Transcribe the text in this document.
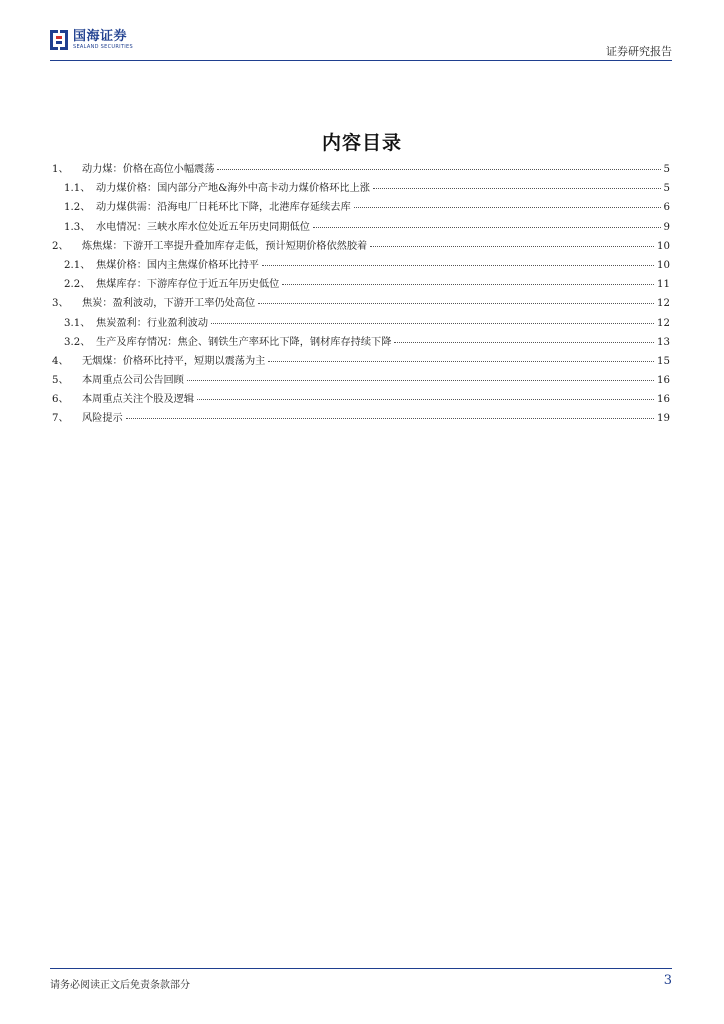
国海证券
SEALAND SECURITIES	证券研究报告
内容目录
1、	动力煤：价格在高位小幅震荡	5
1.1、 动力煤价格：国内部分产地&海外中高卡动力煤价格环比上涨	5
1.2、 动力煤供需：沿海电厂日耗环比下降，北港库存延续去库	6
1.3、 水电情况：三峡水库水位处近五年历史同期低位	9
2、	炼焦煤：下游开工率提升叠加库存走低，预计短期价格依然胶着	10
2.1、 焦煤价格：国内主焦煤价格环比持平	10
2.2、 焦煤库存：下游库存位于近五年历史低位	11
3、	焦炭：盈利波动，下游开工率仍处高位	12
3.1、 焦炭盈利：行业盈利波动	12
3.2、 生产及库存情况：焦企、钢铁生产率环比下降，钢材库存持续下降	13
4、	无烟煤：价格环比持平，短期以震荡为主	15
5、	本周重点公司公告回顾	16
6、	本周重点关注个股及逻辑	16
7、	风险提示	19
请务必阅读正文后免责条款部分	3
